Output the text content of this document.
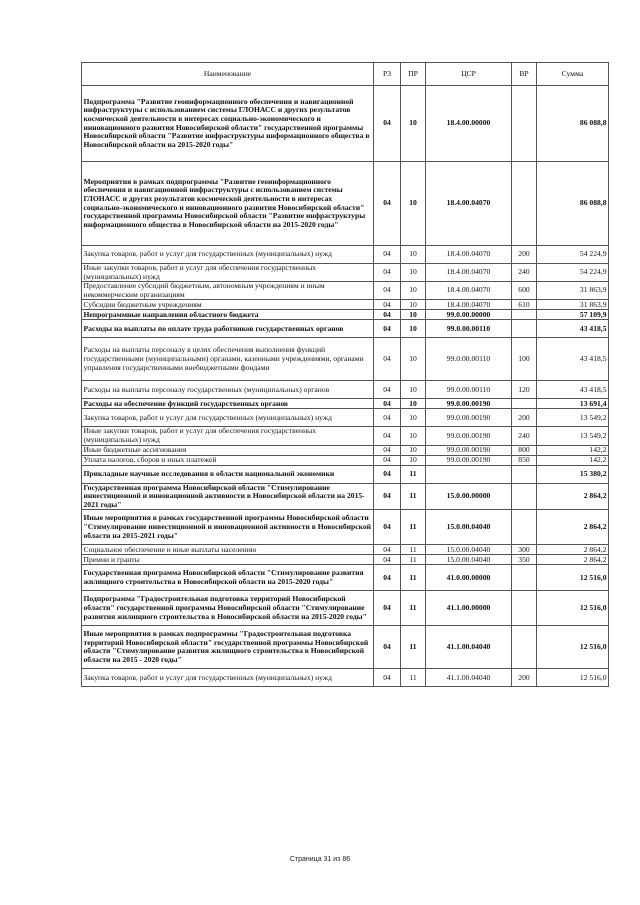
Наименование	РЗ	ПР	ЦСР	ВР	Сумма
Подпрограмма "Развитие геоинформационного обеспечения и навигационной инфраструктуры с использованием системы ГЛОНАСС и других результатов космической деятельности в интересах социально-экономического и инновационного развития Новосибирской области" государственной программы Новосибирской области "Развитие инфраструктуры информационного общества в Новосибирской области на 2015-2020 годы"	04	10	18.4.00.00000		86 088,8
Мероприятия в рамках подпрограммы "Развитие геоинформационного обеспечения и навигационной инфраструктуры с использованием системы ГЛОНАСС и других результатов космической деятельности в интересах социально-экономического и инновационного развития Новосибирской области" государственной программы Новосибирской области "Развитие инфраструктуры информационного общества в Новосибирской области на 2015-2020 годы"	04	10	18.4.00.04070		86 088,8
Закупка товаров, работ и услуг для государственных (муниципальных) нужд	04	10	18.4.00.04070	200	54 224,9
Иные закупки товаров, работ и услуг для обеспечения государственных (муниципальных) нужд	04	10	18.4.00.04070	240	54 224,9
Предоставление субсидий бюджетным, автономным учреждениям и иным некоммерческим организациям	04	10	18.4.00.04070	600	31 863,9
Субсидии бюджетным учреждениям	04	10	18.4.00.04070	610	31 863,9
Непрограммные направления областного бюджета	04	10	99.0.00.00000		57 109,9
Расходы на выплаты по оплате труда работников государственных органов	04	10	99.0.00.00110		43 418,5
Расходы на выплаты персоналу в целях обеспечения выполнения функций государственными (муниципальными) органами, казенными учреждениями, органами управления государственными внебюджетными фондами	04	10	99.0.00.00110	100	43 418,5
Расходы на выплаты персоналу государственных (муниципальных) органов	04	10	99.0.00.00110	120	43 418,5
Расходы на обеспечение функций государственных органов	04	10	99.0.00.00190		13 691,4
Закупка товаров, работ и услуг для государственных (муниципальных) нужд	04	10	99.0.00.00190	200	13 549,2
Иные закупки товаров, работ и услуг для обеспечения государственных (муниципальных) нужд	04	10	99.0.00.00190	240	13 549,2
Иные бюджетные ассигнования	04	10	99.0.00.00190	800	142,2
Уплата налогов, сборов и иных платежей	04	10	99.0.00.00190	850	142,2
Прикладные научные исследования в области национальной экономики	04	11			15 380,2
Государственная программа Новосибирской области "Стимулирование инвестиционной и инновационной активности в Новосибирской области на 2015-2021 годы"	04	11	15.0.00.00000		2 864,2
Иные мероприятия в рамках государственной программы Новосибирской области "Стимулирование инвестиционной и инновационной активности в Новосибирской области на 2015-2021 годы"	04	11	15.0.00.04040		2 864,2
Социальное обеспечение и иные выплаты населению	04	11	15.0.00.04040	300	2 864,2
Премии и гранты	04	11	15.0.00.04040	350	2 864,2
Государственная программа Новосибирской области "Стимулирование развития жилищного строительства в Новосибирской области на 2015-2020 годы"	04	11	41.0.00.00000		12 516,0
Подпрограмма "Градостроительная подготовка территорий Новосибирской области" государственной программы Новосибирской области "Стимулирование развития жилищного строительства в Новосибирской области на 2015-2020 годы"	04	11	41.1.00.00000		12 516,0
Иные мероприятия в рамках подпрограммы "Градостроительная подготовка территорий Новосибирской области" государственной программы Новосибирской области "Стимулирование развития жилищного строительства в Новосибирской области на 2015 - 2020 годы"	04	11	41.1.00.04040		12 516,0
Закупка товаров, работ и услуг для государственных (муниципальных) нужд	04	11	41.1.00.04040	200	12 516,0
Страница 31 из 86
